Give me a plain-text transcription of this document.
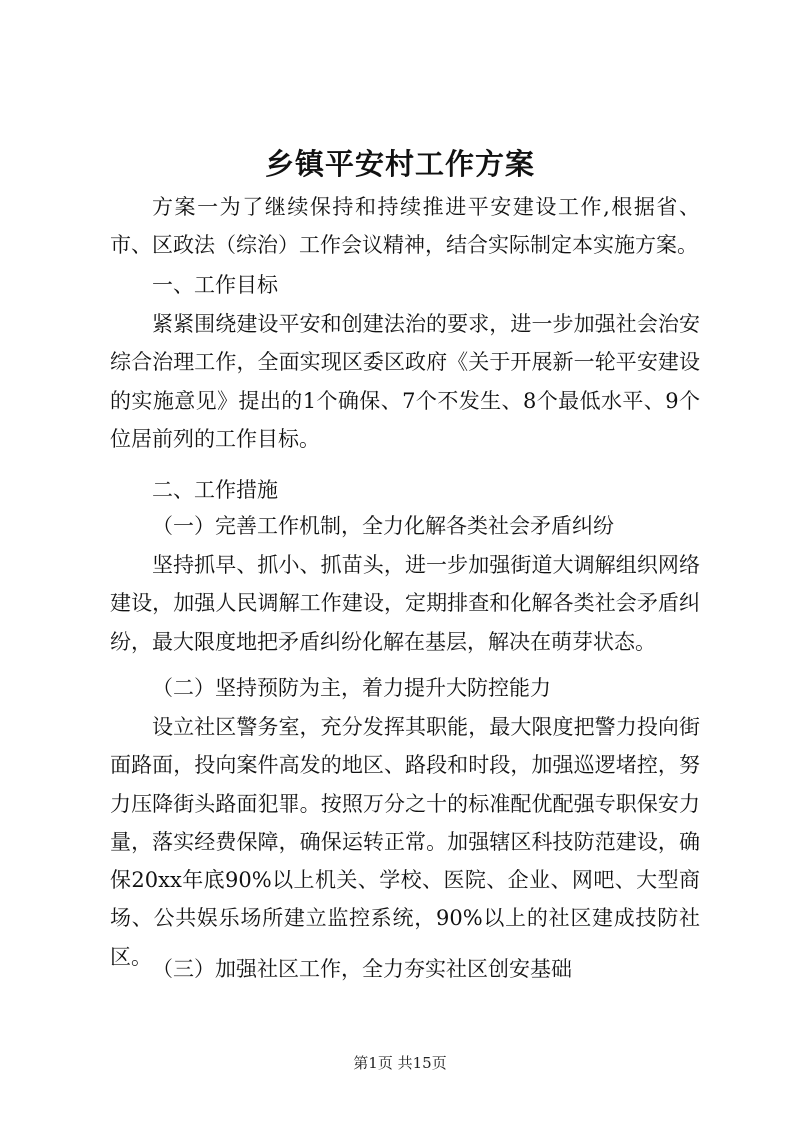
乡镇平安村工作方案
方案一为了继续保持和持续推进平安建设工作,根据省、市、区政法（综治）工作会议精神，结合实际制定本实施方案。
一、工作目标
紧紧围绕建设平安和创建法治的要求，进一步加强社会治安综合治理工作，全面实现区委区政府《关于开展新一轮平安建设的实施意见》提出的1个确保、7个不发生、8个最低水平、9个位居前列的工作目标。
二、工作措施
（一）完善工作机制，全力化解各类社会矛盾纠纷
坚持抓早、抓小、抓苗头，进一步加强街道大调解组织网络建设，加强人民调解工作建设，定期排查和化解各类社会矛盾纠纷，最大限度地把矛盾纠纷化解在基层，解决在萌芽状态。
（二）坚持预防为主，着力提升大防控能力
设立社区警务室，充分发挥其职能，最大限度把警力投向街面路面，投向案件高发的地区、路段和时段，加强巡逻堵控，努力压降街头路面犯罪。按照万分之十的标准配优配强专职保安力量，落实经费保障，确保运转正常。加强辖区科技防范建设，确保20xx年底90%以上机关、学校、医院、企业、网吧、大型商场、公共娱乐场所建立监控系统，90%以上的社区建成技防社区。
（三）加强社区工作，全力夯实社区创安基础
第1页 共15页
